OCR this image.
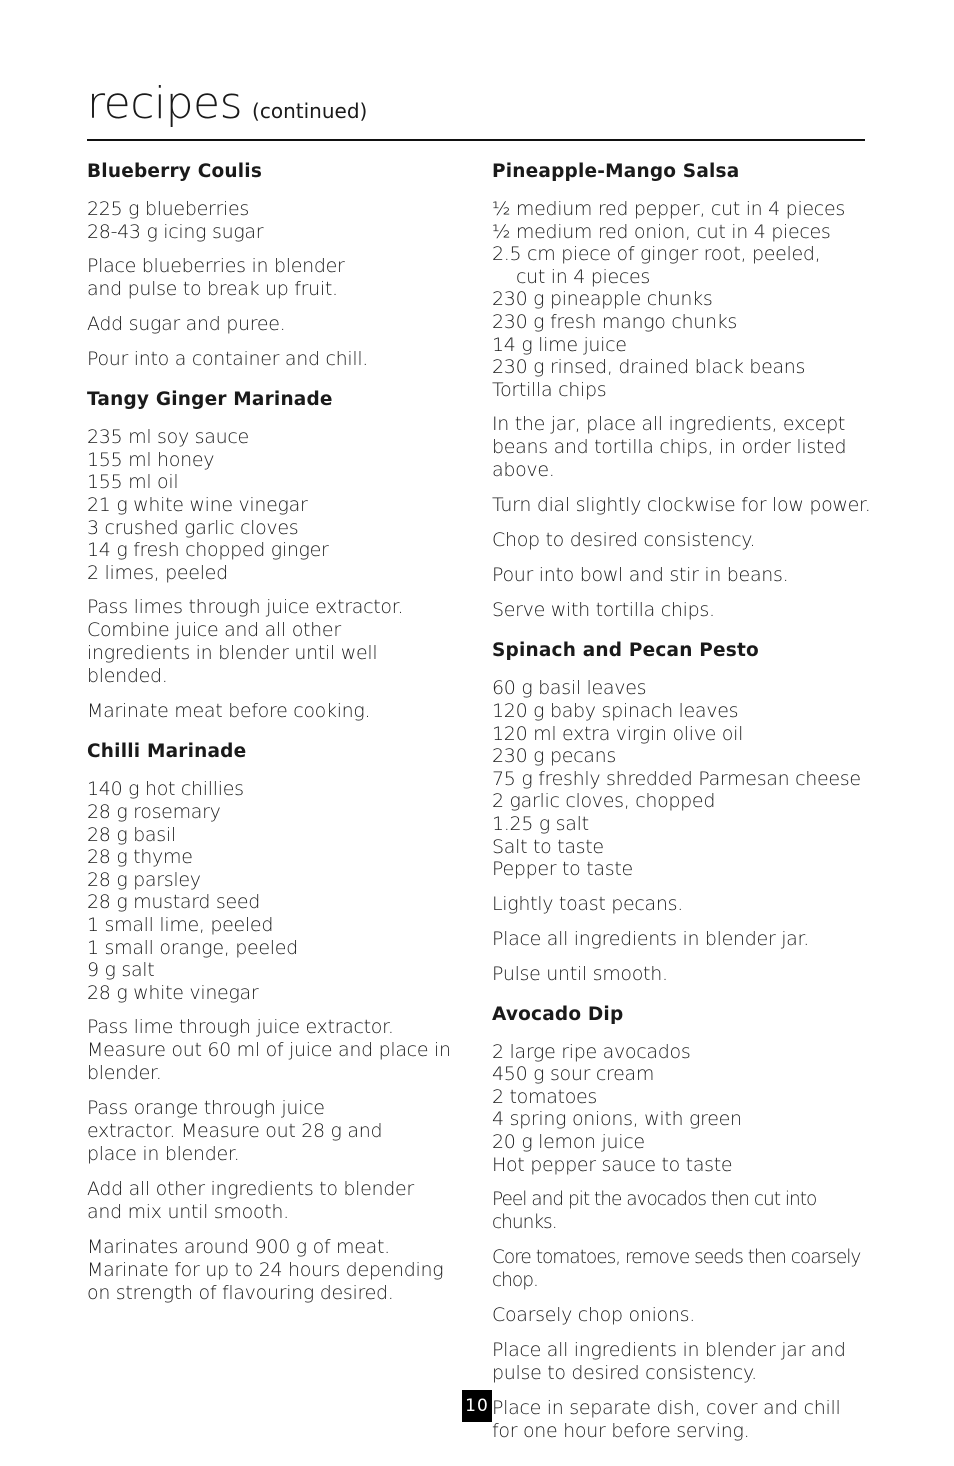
recipes (continued)
Blueberry Coulis
225 g blueberries
28-43 g icing sugar

Place blueberries in blender and pulse to break up fruit.

Add sugar and puree.

Pour into a container and chill.

Tangy Ginger Marinade
235 ml soy sauce
155 ml honey
155 ml oil
21 g white wine vinegar
3 crushed garlic cloves
14 g fresh chopped ginger
2 limes, peeled

Pass limes through juice extractor. Combine juice and all other ingredients in blender until well blended.

Marinate meat before cooking.

Chilli Marinade
140 g hot chillies
28 g rosemary
28 g basil
28 g thyme
28 g parsley
28 g mustard seed
1 small lime, peeled
1 small orange, peeled
9 g salt
28 g white vinegar

Pass lime through juice extractor. Measure out 60 ml of juice and place in blender.

Pass orange through juice extractor. Measure out 28 g and place in blender.

Add all other ingredients to blender and mix until smooth.

Marinates around 900 g of meat. Marinate for up to 24 hours depending on strength of flavouring desired.

Pineapple-Mango Salsa
½ medium red pepper, cut in 4 pieces
½ medium red onion, cut in 4 pieces
2.5 cm piece of ginger root, peeled,
cut in 4 pieces
230 g pineapple chunks
230 g fresh mango chunks
14 g lime juice
230 g rinsed, drained black beans
Tortilla chips

In the jar, place all ingredients, except beans and tortilla chips, in order listed above.

Turn dial slightly clockwise for low power.

Chop to desired consistency.

Pour into bowl and stir in beans.

Serve with tortilla chips.

Spinach and Pecan Pesto
60 g basil leaves
120 g baby spinach leaves
120 ml extra virgin olive oil
230 g pecans
75 g freshly shredded Parmesan cheese
2 garlic cloves, chopped
1.25 g salt
Salt to taste
Pepper to taste

Lightly toast pecans.

Place all ingredients in blender jar.

Pulse until smooth.

Avocado Dip
2 large ripe avocados
450 g sour cream
2 tomatoes
4 spring onions, with green
20 g lemon juice
Hot pepper sauce to taste

Peel and pit the avocados then cut into chunks.

Core tomatoes, remove seeds then coarsely chop.

Coarsely chop onions.

Place all ingredients in blender jar and pulse to desired consistency.

Place in separate dish, cover and chill for one hour before serving.

10
